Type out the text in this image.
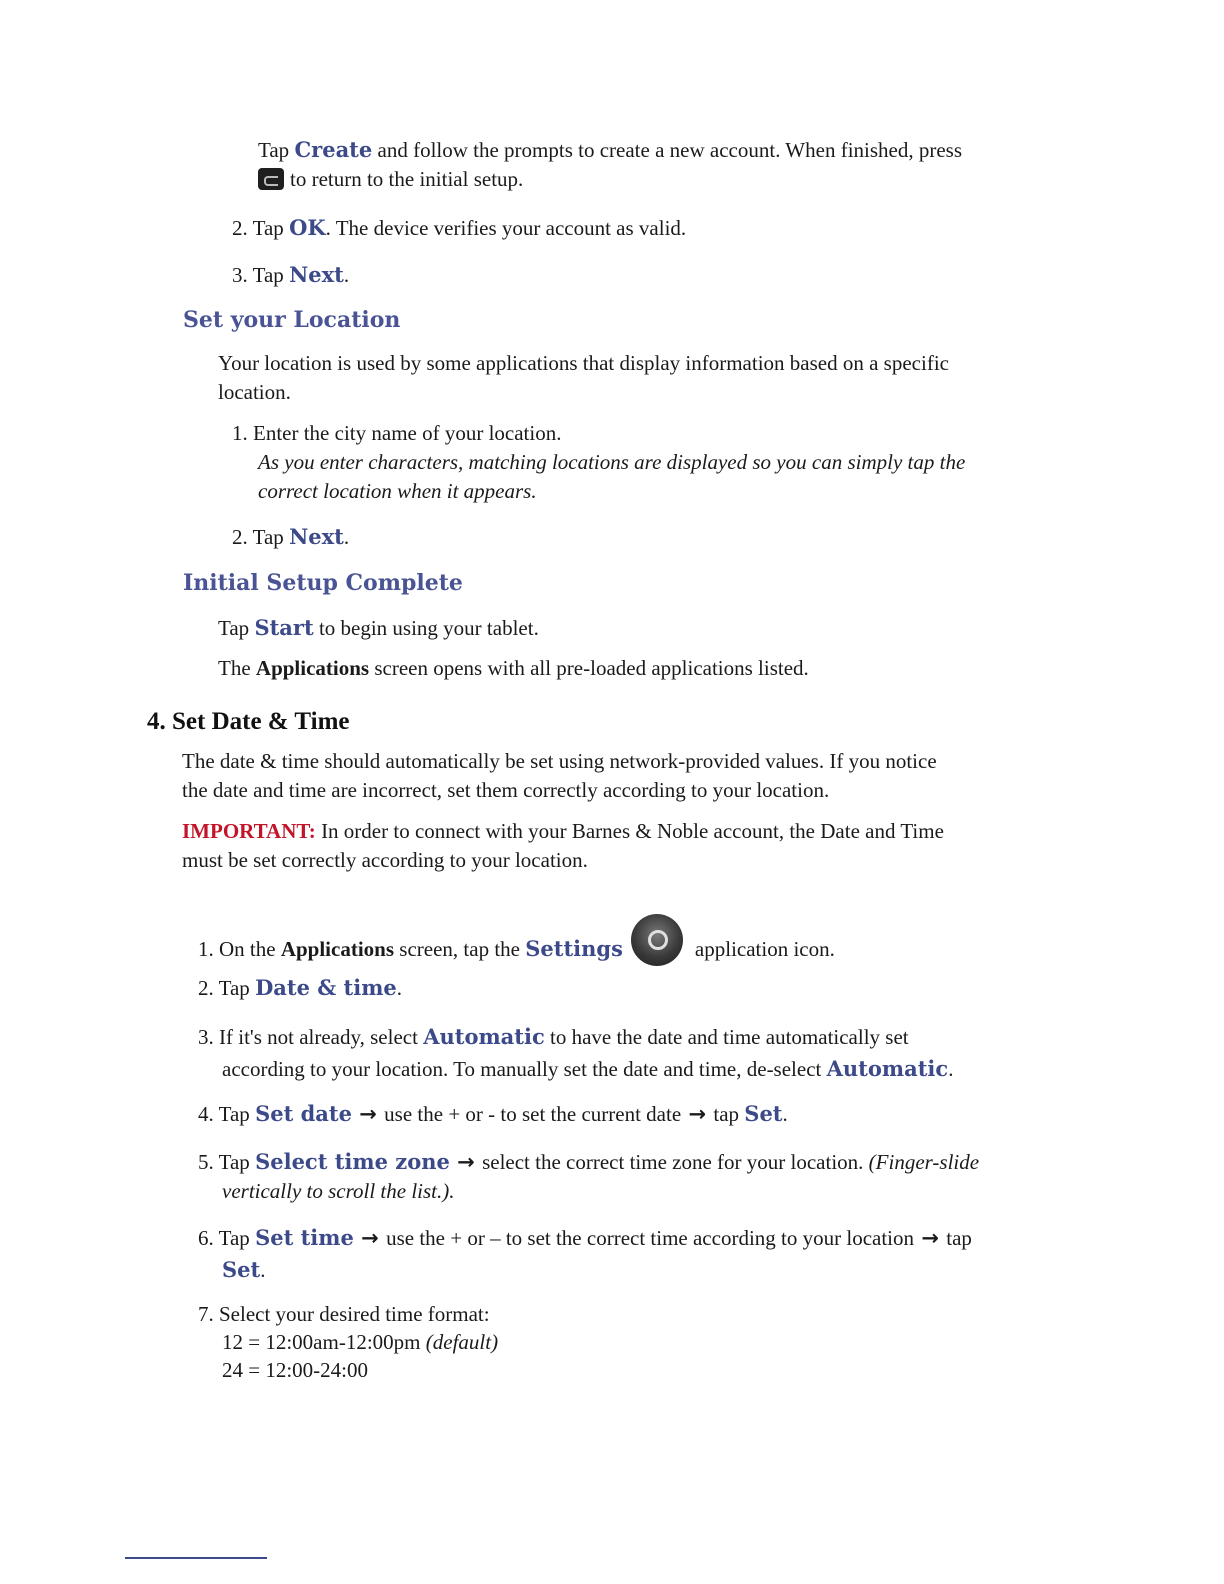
Tap Create and follow the prompts to create a new account. When finished, press
to return to the initial setup.

2. Tap OK. The device verifies your account as valid.

3. Tap Next.

Set your Location

Your location is used by some applications that display information based on a specific
location.

1. Enter the city name of your location.
As you enter characters, matching locations are displayed so you can simply tap the
correct location when it appears.

2. Tap Next.

Initial Setup Complete

Tap Start to begin using your tablet.

The Applications screen opens with all pre-loaded applications listed.

4. Set Date & Time

The date & time should automatically be set using network-provided values. If you notice
the date and time are incorrect, set them correctly according to your location.

IMPORTANT: In order to connect with your Barnes & Noble account, the Date and Time
must be set correctly according to your location.

1. On the Applications screen, tap the Settings	application icon.

2. Tap Date & time.

3. If it's not already, select Automatic to have the date and time automatically set
according to your location. To manually set the date and time, de-select Automatic.

4. Tap Set date → use the + or - to set the current date → tap Set.

5. Tap Select time zone → select the correct time zone for your location. (Finger-slide
vertically to scroll the list.).

6. Tap Set time → use the + or – to set the correct time according to your location → tap
Set.

7. Select your desired time format:
12 = 12:00am-12:00pm (default)
24 = 12:00-24:00
